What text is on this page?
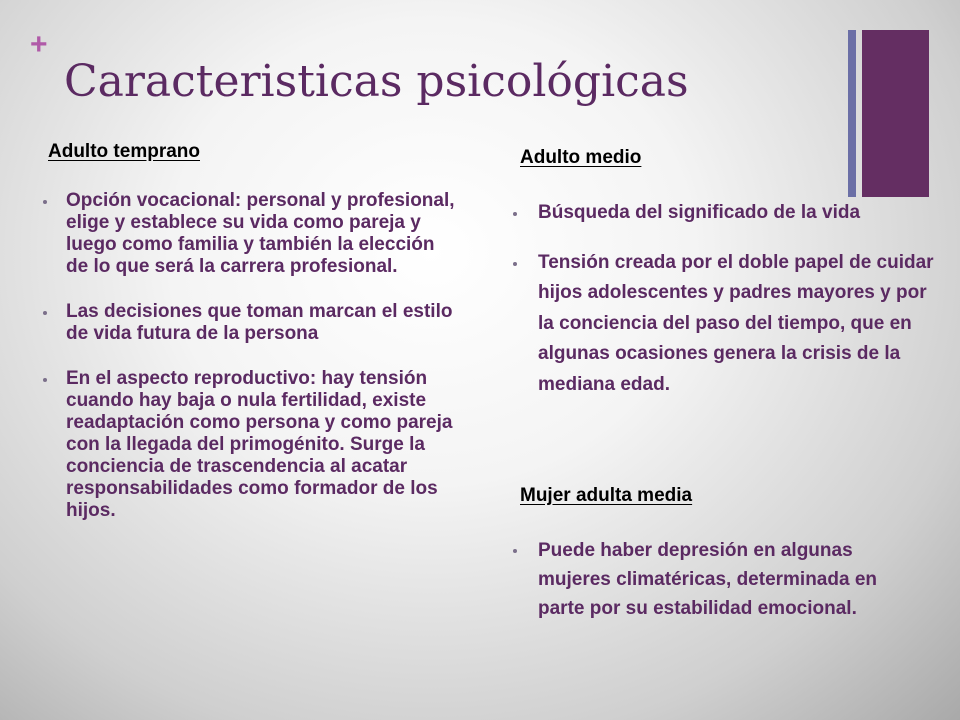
+
Caracteristicas psicológicas
Adulto temprano
Opción vocacional: personal y profesional, elige y establece su vida como pareja y luego como familia y también la elección de lo que será la carrera profesional.
Las decisiones que toman marcan el estilo de vida futura de la persona
En el aspecto reproductivo: hay tensión cuando hay baja o nula fertilidad, existe readaptación como persona y como pareja con la llegada del primogénito. Surge la conciencia de trascendencia al acatar responsabilidades como formador de los hijos.
Adulto medio
Búsqueda del significado de la vida
Tensión creada por el doble papel de cuidar hijos adolescentes y padres mayores y por la conciencia del paso del tiempo, que en algunas ocasiones genera la crisis de la mediana edad.
Mujer adulta media
Puede haber depresión en algunas mujeres climatéricas, determinada en parte por su estabilidad emocional.
